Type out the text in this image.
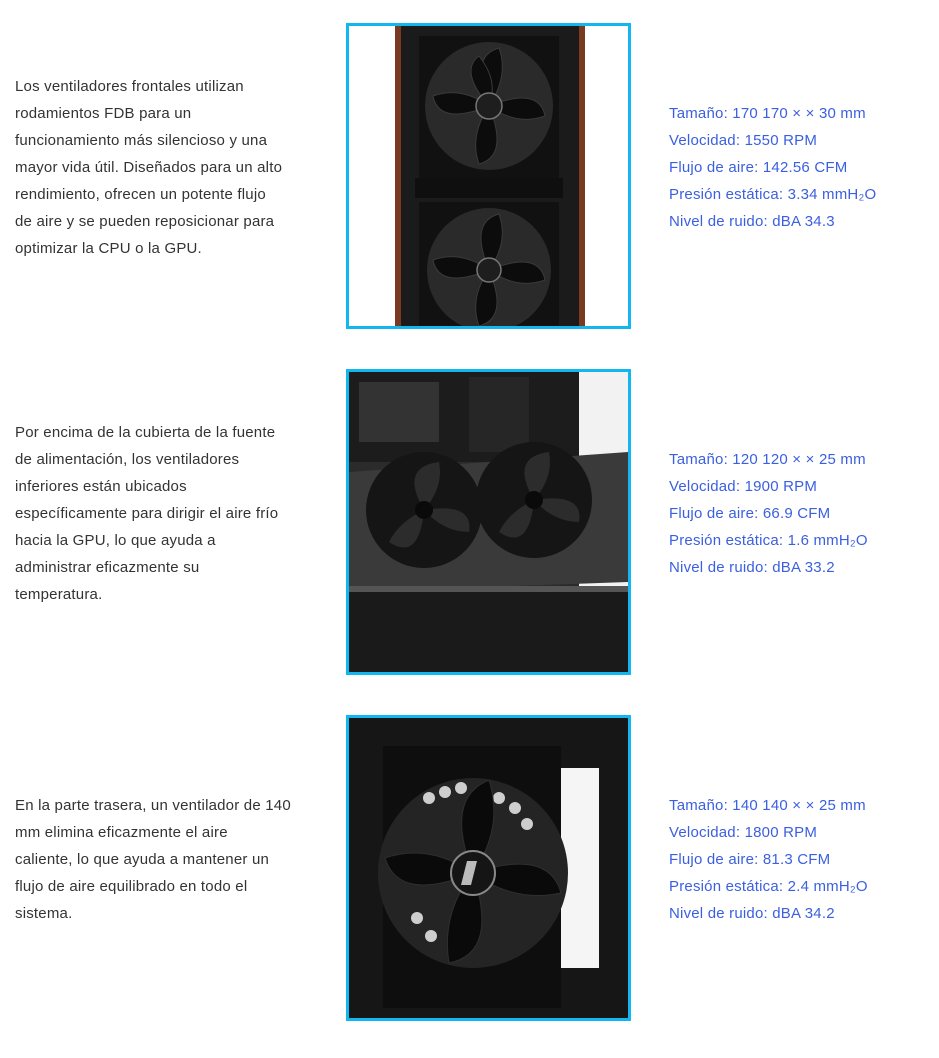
Los ventiladores frontales utilizan
rodamientos FDB para un
funcionamiento más silencioso y una
mayor vida útil. Diseñados para un alto
rendimiento, ofrecen un potente flujo
de aire y se pueden reposicionar para
optimizar la CPU o la GPU.
Tamaño: 170 170 × × 30 mm
Velocidad: 1550 RPM
Flujo de aire: 142.56 CFM
Presión estática: 3.34 mmH₂O
Nivel de ruido: dBA 34.3
Por encima de la cubierta de la fuente
de alimentación, los ventiladores
inferiores están ubicados
específicamente para dirigir el aire frío
hacia la GPU, lo que ayuda a
administrar eficazmente su
temperatura.
Tamaño: 120 120 × × 25 mm
Velocidad: 1900 RPM
Flujo de aire: 66.9 CFM
Presión estática: 1.6 mmH₂O
Nivel de ruido: dBA 33.2
En la parte trasera, un ventilador de 140
mm elimina eficazmente el aire
caliente, lo que ayuda a mantener un
flujo de aire equilibrado en todo el
sistema.
Tamaño: 140 140 × × 25 mm
Velocidad: 1800 RPM
Flujo de aire: 81.3 CFM
Presión estática: 2.4 mmH₂O
Nivel de ruido: dBA 34.2
